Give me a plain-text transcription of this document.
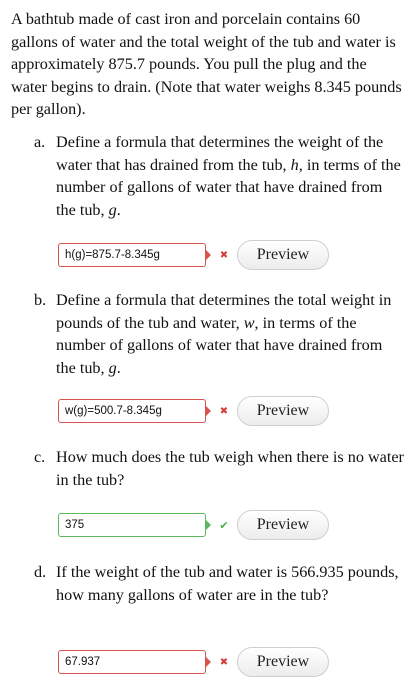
A bathtub made of cast iron and porcelain contains 60 gallons of water and the total weight of the tub and water is approximately 875.7 pounds. You pull the plug and the water begins to drain. (Note that water weighs 8.345 pounds per gallon).

a. Define a formula that determines the weight of the water that has drained from the tub, h, in terms of the number of gallons of water that have drained from the tub, g.

h(g)=875.7-8.345g	✖	Preview
b. Define a formula that determines the total weight in pounds of the tub and water, w, in terms of the number of gallons of water that have drained from the tub, g.

w(g)=500.7-8.345g	✖	Preview
c. How much does the tub weigh when there is no water in the tub?

375	✔	Preview
d. If the weight of the tub and water is 566.935 pounds, how many gallons of water are in the tub?

67.937	✖	Preview
